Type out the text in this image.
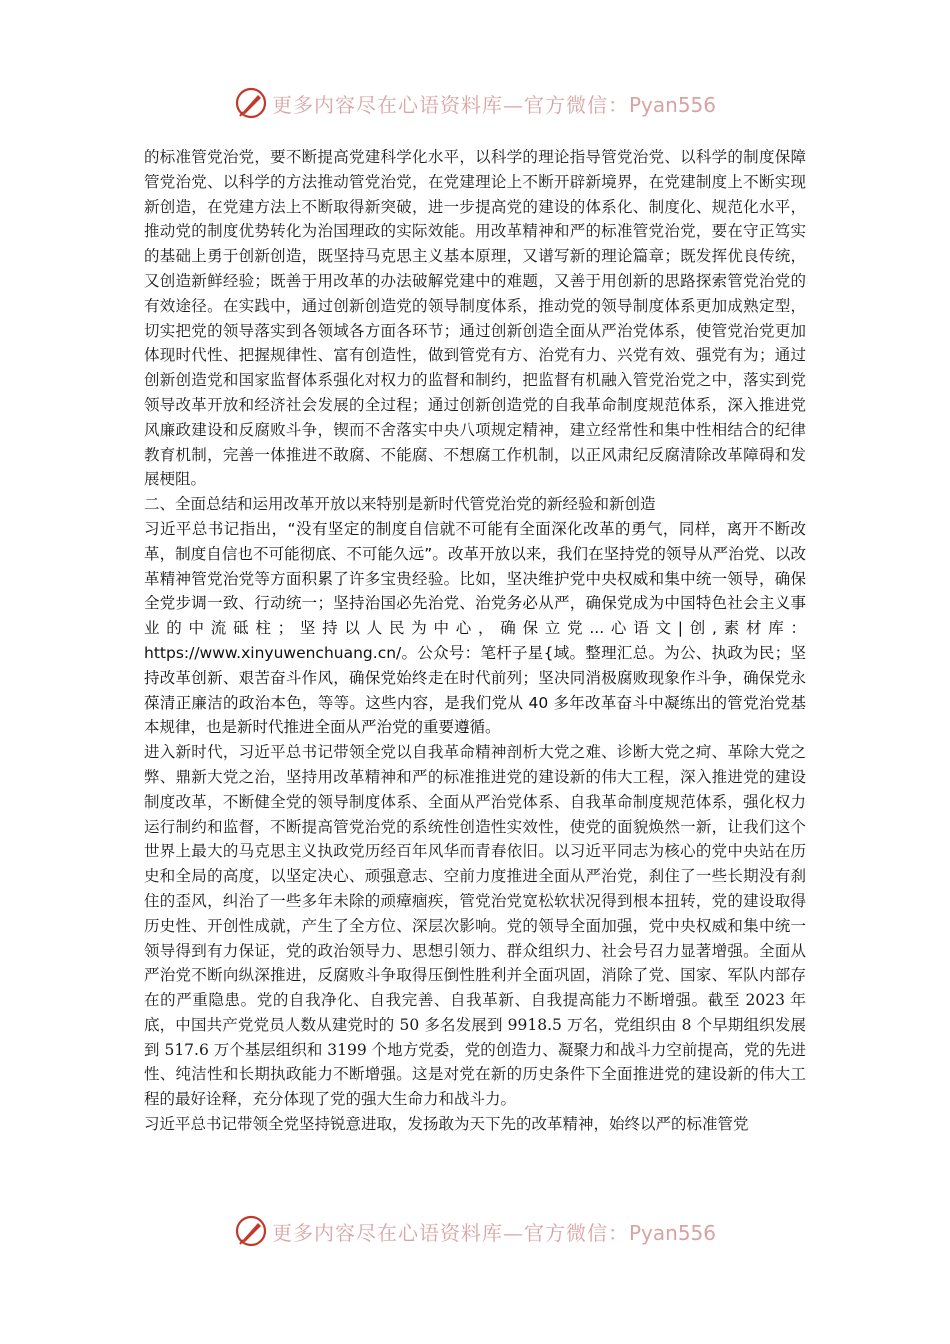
更多内容尽在心语资料库—官方微信：Pyan556

的标准管党治党，要不断提高党建科学化水平，以科学的理论指导管党治党、以科学的制度保障管党治党、以科学的方法推动管党治党，在党建理论上不断开辟新境界，在党建制度上不断实现新创造，在党建方法上不断取得新突破，进一步提高党的建设的体系化、制度化、规范化水平，推动党的制度优势转化为治国理政的实际效能。用改革精神和严的标准管党治党，要在守正笃实的基础上勇于创新创造，既坚持马克思主义基本原理，又谱写新的理论篇章；既发挥优良传统，又创造新鲜经验；既善于用改革的办法破解党建中的难题，又善于用创新的思路探索管党治党的有效途径。在实践中，通过创新创造党的领导制度体系，推动党的领导制度体系更加成熟定型，切实把党的领导落实到各领域各方面各环节；通过创新创造全面从严治党体系，使管党治党更加体现时代性、把握规律性、富有创造性，做到管党有方、治党有力、兴党有效、强党有为；通过创新创造党和国家监督体系强化对权力的监督和制约，把监督有机融入管党治党之中，落实到党领导改革开放和经济社会发展的全过程；通过创新创造党的自我革命制度规范体系，深入推进党风廉政建设和反腐败斗争，锲而不舍落实中央八项规定精神，建立经常性和集中性相结合的纪律教育机制，完善一体推进不敢腐、不能腐、不想腐工作机制，以正风肃纪反腐清除改革障碍和发展梗阻。

二、全面总结和运用改革开放以来特别是新时代管党治党的新经验和新创造

习近平总书记指出，“没有坚定的制度自信就不可能有全面深化改革的勇气，同样，离开不断改革，制度自信也不可能彻底、不可能久远”。改革开放以来，我们在坚持党的领导从严治党、以改革精神管党治党等方面积累了许多宝贵经验。比如，坚决维护党中央权威和集中统一领导，确保全党步调一致、行动统一；坚持治国必先治党、治党务必从严，确保党成为中国特色社会主义事业的中流砥柱；坚持以人民为中心，确保立党...心语文|创,素材库：https://www.xinyuwenchuang.cn/。公众号：笔杆子星{域。整理汇总。为公、执政为民；坚持改革创新、艰苦奋斗作风，确保党始终走在时代前列；坚决同消极腐败现象作斗争，确保党永葆清正廉洁的政治本色，等等。这些内容，是我们党从 40 多年改革奋斗中凝练出的管党治党基本规律，也是新时代推进全面从严治党的重要遵循。

进入新时代，习近平总书记带领全党以自我革命精神剖析大党之难、诊断大党之疴、革除大党之弊、鼎新大党之治，坚持用改革精神和严的标准推进党的建设新的伟大工程，深入推进党的建设制度改革，不断健全党的领导制度体系、全面从严治党体系、自我革命制度规范体系，强化权力运行制约和监督，不断提高管党治党的系统性创造性实效性，使党的面貌焕然一新，让我们这个世界上最大的马克思主义执政党历经百年风华而青春依旧。以习近平同志为核心的党中央站在历史和全局的高度，以坚定决心、顽强意志、空前力度推进全面从严治党，刹住了一些长期没有刹住的歪风，纠治了一些多年未除的顽瘴痼疾，管党治党宽松软状况得到根本扭转，党的建设取得历史性、开创性成就，产生了全方位、深层次影响。党的领导全面加强，党中央权威和集中统一领导得到有力保证，党的政治领导力、思想引领力、群众组织力、社会号召力显著增强。全面从严治党不断向纵深推进，反腐败斗争取得压倒性胜利并全面巩固，消除了党、国家、军队内部存在的严重隐患。党的自我净化、自我完善、自我革新、自我提高能力不断增强。截至 2023 年底，中国共产党党员人数从建党时的 50 多名发展到 9918.5 万名，党组织由 8 个早期组织发展到 517.6 万个基层组织和 3199 个地方党委，党的创造力、凝聚力和战斗力空前提高，党的先进性、纯洁性和长期执政能力不断增强。这是对党在新的历史条件下全面推进党的建设新的伟大工程的最好诠释，充分体现了党的强大生命力和战斗力。

习近平总书记带领全党坚持锐意进取，发扬敢为天下先的改革精神，始终以严的标准管党

更多内容尽在心语资料库—官方微信：Pyan556
